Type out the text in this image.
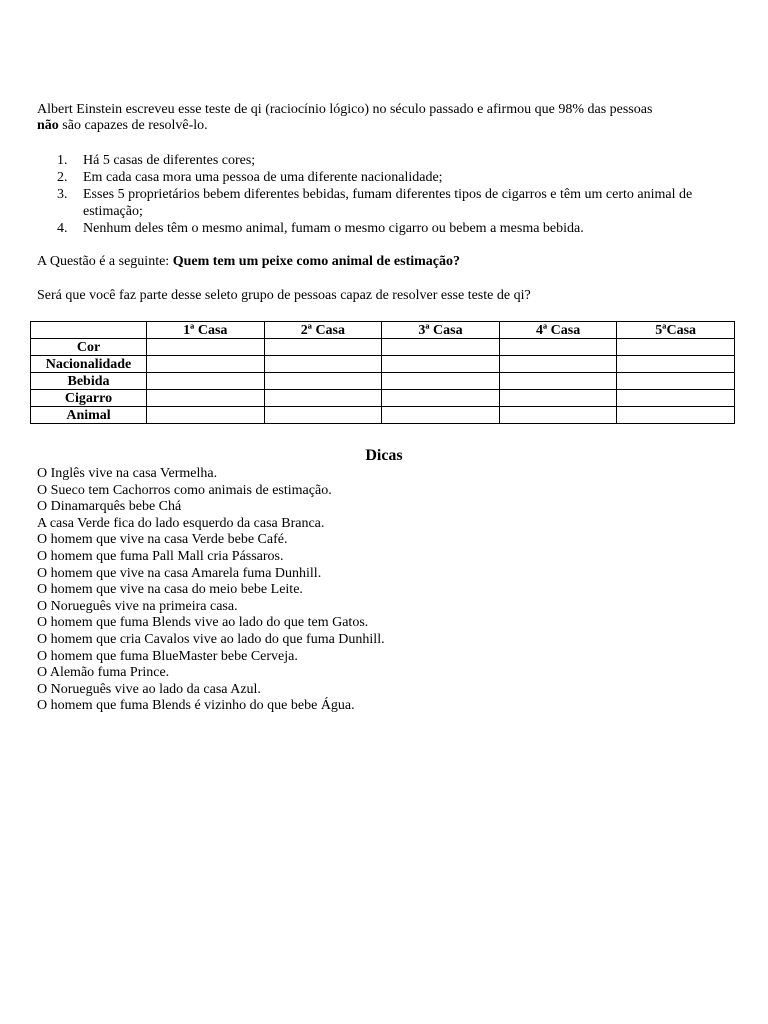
Albert Einstein escreveu esse teste de qi (raciocínio lógico) no século passado e afirmou que 98% das pessoas

não são capazes de resolvê-lo.

1. Há 5 casas de diferentes cores;
2. Em cada casa mora uma pessoa de uma diferente nacionalidade;
3. Esses 5 proprietários bebem diferentes bebidas, fumam diferentes tipos de cigarros e têm um certo animal de estimação;
4. Nenhum deles têm o mesmo animal, fumam o mesmo cigarro ou bebem a mesma bebida.
A Questão é a seguinte: Quem tem um peixe como animal de estimação?
Será que você faz parte desse seleto grupo de pessoas capaz de resolver esse teste de qi?
	1ª Casa	2ª Casa	3ª Casa	4ª Casa	5ªCasa
Cor					
Nacionalidade					
Bebida					
Cigarro					
Animal					
Dicas
O Inglês vive na casa Vermelha.
O Sueco tem Cachorros como animais de estimação.
O Dinamarquês bebe Chá
A casa Verde fica do lado esquerdo da casa Branca.
O homem que vive na casa Verde bebe Café.
O homem que fuma Pall Mall cria Pássaros.
O homem que vive na casa Amarela fuma Dunhill.
O homem que vive na casa do meio bebe Leite.
O Norueguês vive na primeira casa.
O homem que fuma Blends vive ao lado do que tem Gatos.
O homem que cria Cavalos vive ao lado do que fuma Dunhill.
O homem que fuma BlueMaster bebe Cerveja.
O Alemão fuma Prince.
O Norueguês vive ao lado da casa Azul.
O homem que fuma Blends é vizinho do que bebe Água.
